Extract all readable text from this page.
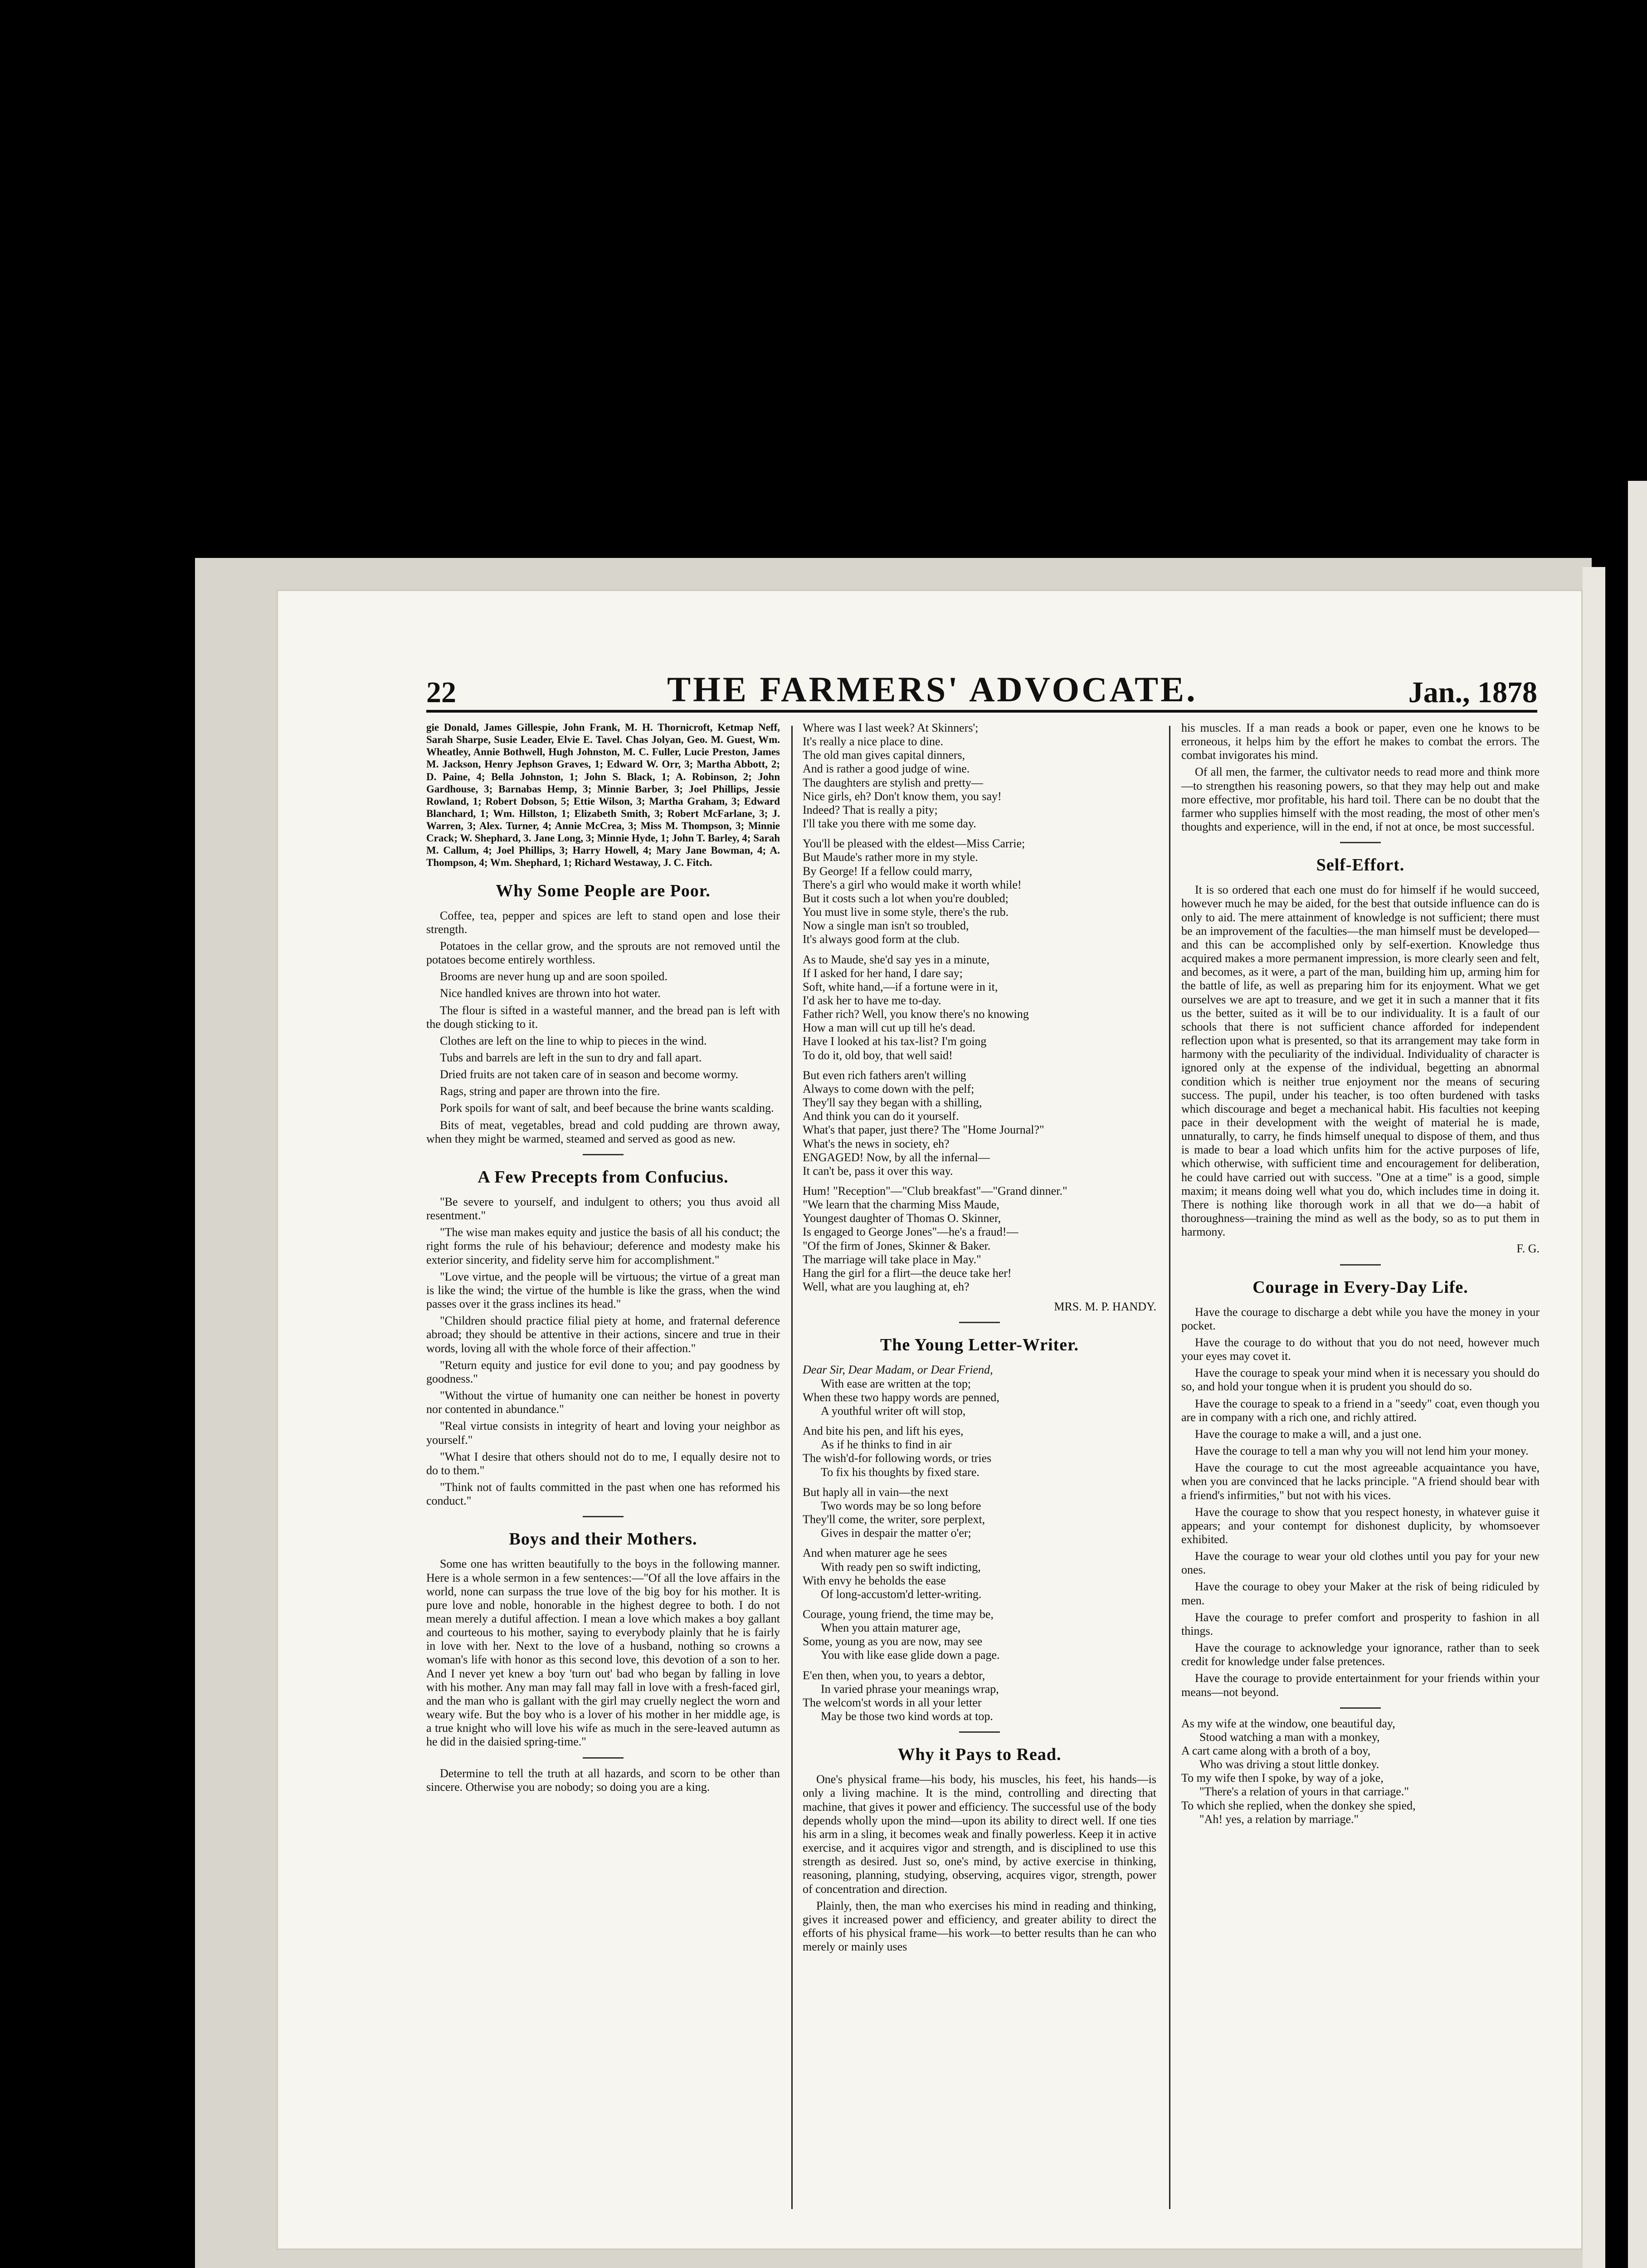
22	THE FARMERS' ADVOCATE.	Jan., 1878

gie Donald, James Gillespie, John Frank, M. H. Thornicroft, Ketmap Neff, Sarah Sharpe, Susie Leader, Elvie E. Tavel. Chas Jolyan, Geo. M. Guest, Wm. Wheatley, Annie Bothwell, Hugh Johnston, M. C. Fuller, Lucie Preston, James M. Jackson, Henry Jephson Graves, 1; Edward W. Orr, 3; Martha Abbott, 2; D. Paine, 4; Bella Johnston, 1; John S. Black, 1; A. Robinson, 2; John Gardhouse, 3; Barnabas Hemp, 3; Minnie Barber, 3; Joel Phillips, Jessie Rowland, 1; Robert Dobson, 5; Ettie Wilson, 3; Martha Graham, 3; Edward Blanchard, 1; Wm. Hillston, 1; Elizabeth Smith, 3; Robert McFarlane, 3; J. Warren, 3; Alex. Turner, 4; Annie McCrea, 3; Miss M. Thompson, 3; Minnie Crack; W. Shephard, 3. Jane Long, 3; Minnie Hyde, 1; John T. Barley, 4; Sarah M. Callum, 4; Joel Phillips, 3; Harry Howell, 4; Mary Jane Bowman, 4; A. Thompson, 4; Wm. Shephard, 1; Richard Westaway, J. C. Fitch.

Why Some People are Poor.

Coffee, tea, pepper and spices are left to stand open and lose their strength.

Potatoes in the cellar grow, and the sprouts are not removed until the potatoes become entirely worthless.

Brooms are never hung up and are soon spoiled.

Nice handled knives are thrown into hot water.

The flour is sifted in a wasteful manner, and the bread pan is left with the dough sticking to it.

Clothes are left on the line to whip to pieces in the wind.

Tubs and barrels are left in the sun to dry and fall apart.

Dried fruits are not taken care of in season and become wormy.

Rags, string and paper are thrown into the fire.

Pork spoils for want of salt, and beef because the brine wants scalding.

Bits of meat, vegetables, bread and cold pudding are thrown away, when they might be warmed, steamed and served as good as new.

A Few Precepts from Confucius.

"Be severe to yourself, and indulgent to others; you thus avoid all resentment."

"The wise man makes equity and justice the basis of all his conduct; the right forms the rule of his behaviour; deference and modesty make his exterior sincerity, and fidelity serve him for accomplishment."

"Love virtue, and the people will be virtuous; the virtue of a great man is like the wind; the virtue of the humble is like the grass, when the wind passes over it the grass inclines its head."

"Children should practice filial piety at home, and fraternal deference abroad; they should be attentive in their actions, sincere and true in their words, loving all with the whole force of their affection."

"Return equity and justice for evil done to you; and pay goodness by goodness."

"Without the virtue of humanity one can neither be honest in poverty nor contented in abundance."

"Real virtue consists in integrity of heart and loving your neighbor as yourself."

"What I desire that others should not do to me, I equally desire not to do to them."

"Think not of faults committed in the past when one has reformed his conduct."

Boys and their Mothers.

Some one has written beautifully to the boys in the following manner. Here is a whole sermon in a few sentences:—"Of all the love affairs in the world, none can surpass the true love of the big boy for his mother. It is pure love and noble, honorable in the highest degree to both. I do not mean merely a dutiful affection. I mean a love which makes a boy gallant and courteous to his mother, saying to everybody plainly that he is fairly in love with her. Next to the love of a husband, nothing so crowns a woman's life with honor as this second love, this devotion of a son to her. And I never yet knew a boy 'turn out' bad who began by falling in love with his mother. Any man may fall may fall in love with a fresh-faced girl, and the man who is gallant with the girl may cruelly neglect the worn and weary wife. But the boy who is a lover of his mother in her middle age, is a true knight who will love his wife as much in the sere-leaved autumn as he did in the daisied spring-time."

Determine to tell the truth at all hazards, and scorn to be other than sincere. Otherwise you are nobody; so doing you are a king.

Where was I last week? At Skinners';

It's really a nice place to dine.

The old man gives capital dinners,

And is rather a good judge of wine.

The daughters are stylish and pretty—

Nice girls, eh? Don't know them, you say!

Indeed? That is really a pity;

I'll take you there with me some day.

You'll be pleased with the eldest—Miss Carrie;

But Maude's rather more in my style.

By George! If a fellow could marry,

There's a girl who would make it worth while!

But it costs such a lot when you're doubled;

You must live in some style, there's the rub.

Now a single man isn't so troubled,

It's always good form at the club.

As to Maude, she'd say yes in a minute,

If I asked for her hand, I dare say;

Soft, white hand,—if a fortune were in it,

I'd ask her to have me to-day.

Father rich? Well, you know there's no knowing

How a man will cut up till he's dead.

Have I looked at his tax-list? I'm going

To do it, old boy, that well said!

But even rich fathers aren't willing

Always to come down with the pelf;

They'll say they began with a shilling,

And think you can do it yourself.

What's that paper, just there? The "Home Journal?"

What's the news in society, eh?

ENGAGED! Now, by all the infernal—

It can't be, pass it over this way.

Hum! "Reception"—"Club breakfast"—"Grand dinner."

"We learn that the charming Miss Maude,

Youngest daughter of Thomas O. Skinner,

Is engaged to George Jones"—he's a fraud!—

"Of the firm of Jones, Skinner & Baker.

The marriage will take place in May."

Hang the girl for a flirt—the deuce take her!

Well, what are you laughing at, eh?

MRS. M. P. HANDY.

The Young Letter-Writer.

Dear Sir, Dear Madam, or Dear Friend,

With ease are written at the top;

When these two happy words are penned,

A youthful writer oft will stop,

And bite his pen, and lift his eyes,

As if he thinks to find in air

The wish'd-for following words, or tries

To fix his thoughts by fixed stare.

But haply all in vain—the next

Two words may be so long before

They'll come, the writer, sore perplext,

Gives in despair the matter o'er;

And when maturer age he sees

With ready pen so swift indicting,

With envy he beholds the ease

Of long-accustom'd letter-writing.

Courage, young friend, the time may be,

When you attain maturer age,

Some, young as you are now, may see

You with like ease glide down a page.

E'en then, when you, to years a debtor,

In varied phrase your meanings wrap,

The welcom'st words in all your letter

May be those two kind words at top.

Why it Pays to Read.

One's physical frame—his body, his muscles, his feet, his hands—is only a living machine. It is the mind, controlling and directing that machine, that gives it power and efficiency. The successful use of the body depends wholly upon the mind—upon its ability to direct well. If one ties his arm in a sling, it becomes weak and finally powerless. Keep it in active exercise, and it acquires vigor and strength, and is disciplined to use this strength as desired. Just so, one's mind, by active exercise in thinking, reasoning, planning, studying, observing, acquires vigor, strength, power of concentration and direction.

Plainly, then, the man who exercises his mind in reading and thinking, gives it increased power and efficiency, and greater ability to direct the efforts of his physical frame—his work—to better results than he can who merely or mainly uses

his muscles. If a man reads a book or paper, even one he knows to be erroneous, it helps him by the effort he makes to combat the errors. The combat invigorates his mind.

Of all men, the farmer, the cultivator needs to read more and think more—to strengthen his reasoning powers, so that they may help out and make more effective, mor profitable, his hard toil. There can be no doubt that the farmer who supplies himself with the most reading, the most of other men's thoughts and experience, will in the end, if not at once, be most successful.

Self-Effort.

It is so ordered that each one must do for himself if he would succeed, however much he may be aided, for the best that outside influence can do is only to aid. The mere attainment of knowledge is not sufficient; there must be an improvement of the faculties—the man himself must be developed—and this can be accomplished only by self-exertion. Knowledge thus acquired makes a more permanent impression, is more clearly seen and felt, and becomes, as it were, a part of the man, building him up, arming him for the battle of life, as well as preparing him for its enjoyment. What we get ourselves we are apt to treasure, and we get it in such a manner that it fits us the better, suited as it will be to our individuality. It is a fault of our schools that there is not sufficient chance afforded for independent reflection upon what is presented, so that its arrangement may take form in harmony with the peculiarity of the individual. Individuality of character is ignored only at the expense of the individual, begetting an abnormal condition which is neither true enjoyment nor the means of securing success. The pupil, under his teacher, is too often burdened with tasks which discourage and beget a mechanical habit. His faculties not keeping pace in their development with the weight of material he is made, unnaturally, to carry, he finds himself unequal to dispose of them, and thus is made to bear a load which unfits him for the active purposes of life, which otherwise, with sufficient time and encouragement for deliberation, he could have carried out with success. "One at a time" is a good, simple maxim; it means doing well what you do, which includes time in doing it. There is nothing like thorough work in all that we do—a habit of thoroughness—training the mind as well as the body, so as to put them in harmony.

F. G.

Courage in Every-Day Life.

Have the courage to discharge a debt while you have the money in your pocket.

Have the courage to do without that you do not need, however much your eyes may covet it.

Have the courage to speak your mind when it is necessary you should do so, and hold your tongue when it is prudent you should do so.

Have the courage to speak to a friend in a "seedy" coat, even though you are in company with a rich one, and richly attired.

Have the courage to make a will, and a just one.

Have the courage to tell a man why you will not lend him your money.

Have the courage to cut the most agreeable acquaintance you have, when you are convinced that he lacks principle. "A friend should bear with a friend's infirmities," but not with his vices.

Have the courage to show that you respect honesty, in whatever guise it appears; and your contempt for dishonest duplicity, by whomsoever exhibited.

Have the courage to wear your old clothes until you pay for your new ones.

Have the courage to obey your Maker at the risk of being ridiculed by men.

Have the courage to prefer comfort and prosperity to fashion in all things.

Have the courage to acknowledge your ignorance, rather than to seek credit for knowledge under false pretences.

Have the courage to provide entertainment for your friends within your means—not beyond.

As my wife at the window, one beautiful day,

Stood watching a man with a monkey,

A cart came along with a broth of a boy,

Who was driving a stout little donkey.

To my wife then I spoke, by way of a joke,

"There's a relation of yours in that carriage."

To which she replied, when the donkey she spied,

"Ah! yes, a relation by marriage."
